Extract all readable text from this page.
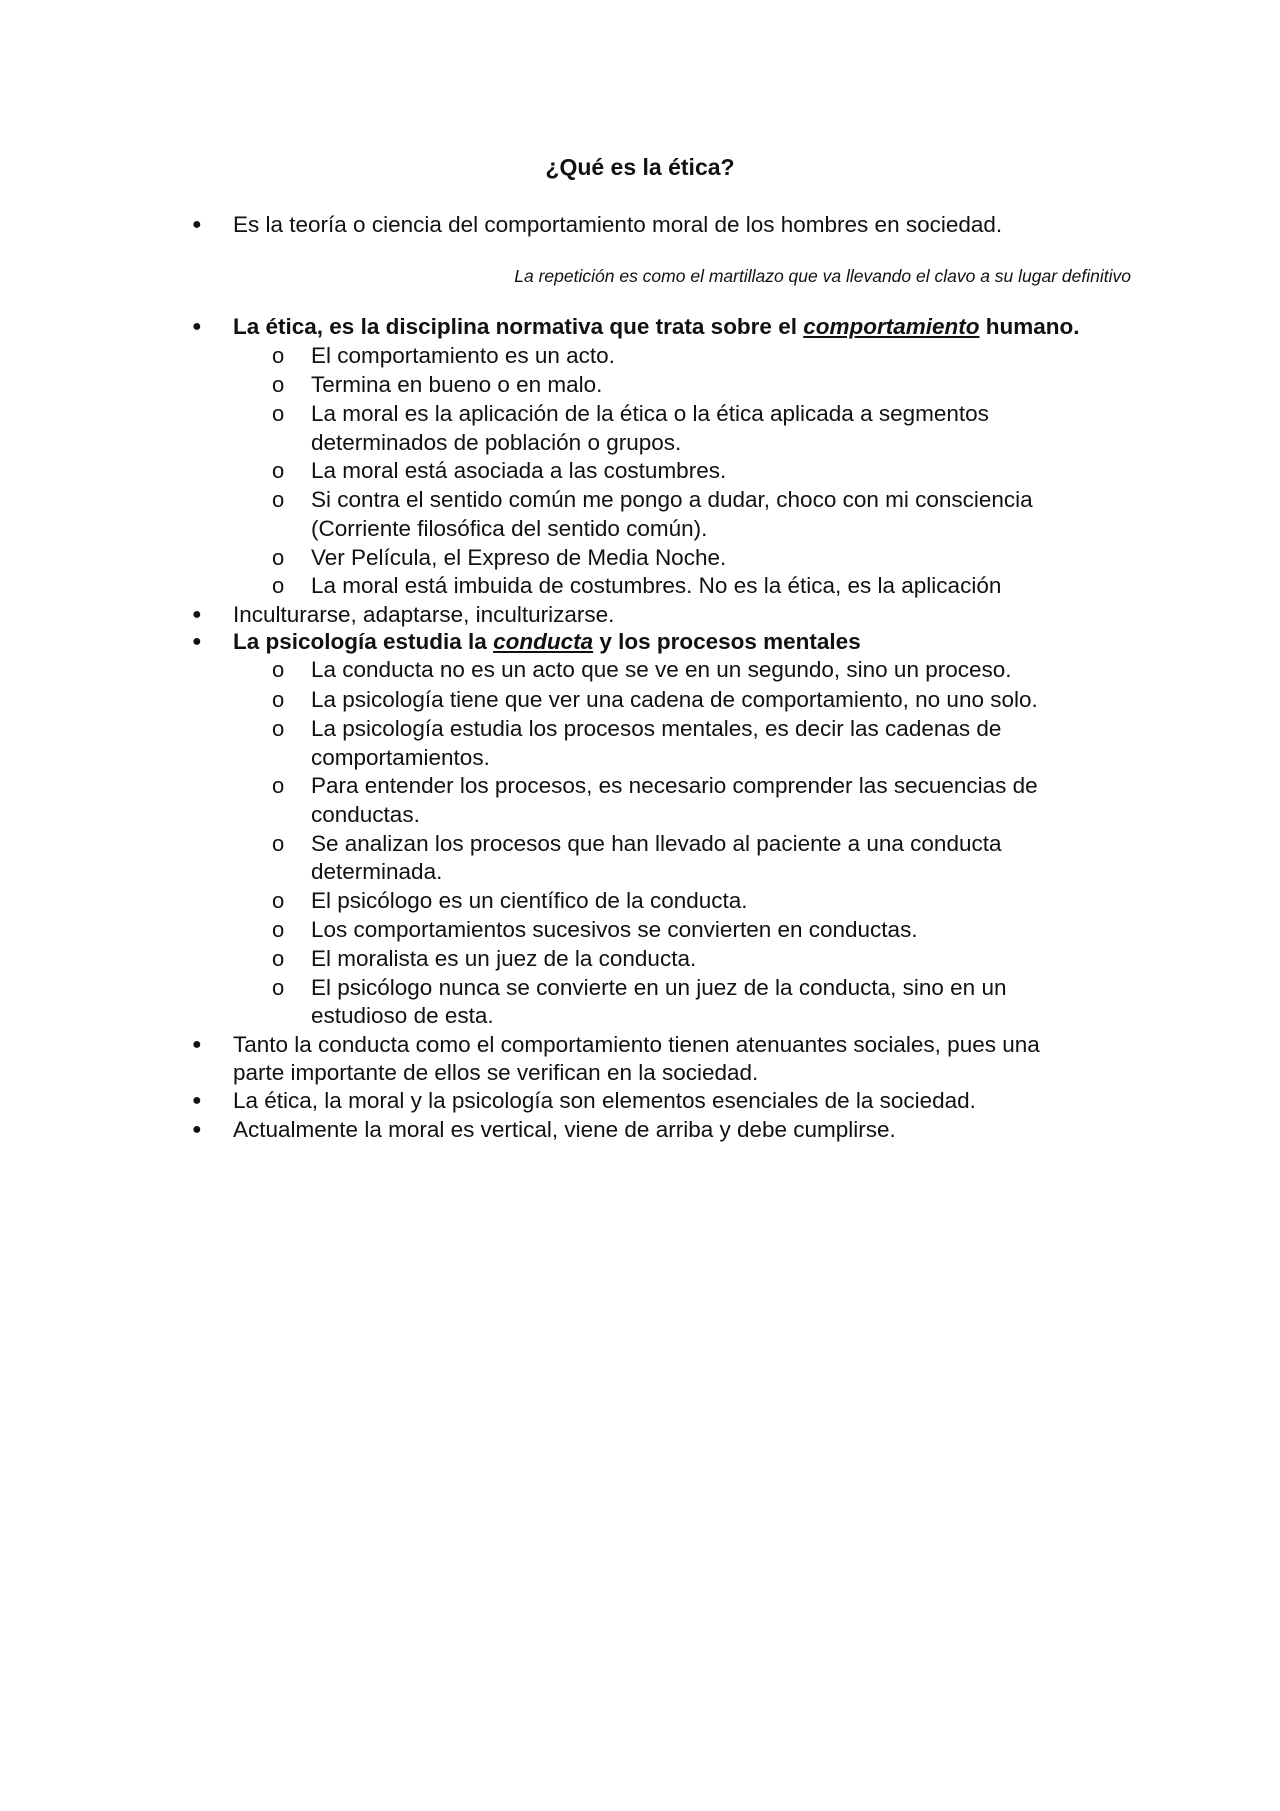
¿Qué es la ética?
● Es la teoría o ciencia del comportamiento moral de los hombres en sociedad.
La repetición es como el martillazo que va llevando el clavo a su lugar definitivo
● La ética, es la disciplina normativa que trata sobre el comportamiento humano.
o El comportamiento es un acto.
o Termina en bueno o en malo.
o La moral es la aplicación de la ética o la ética aplicada a segmentos
determinados de población o grupos.
o La moral está asociada a las costumbres.
o Si contra el sentido común me pongo a dudar, choco con mi consciencia
(Corriente filosófica del sentido común).
o Ver Película, el Expreso de Media Noche.
o La moral está imbuida de costumbres. No es la ética, es la aplicación
● Inculturarse, adaptarse, inculturizarse.
● La psicología estudia la conducta y los procesos mentales
o La conducta no es un acto que se ve en un segundo, sino un proceso.
o La psicología tiene que ver una cadena de comportamiento, no uno solo.
o La psicología estudia los procesos mentales, es decir las cadenas de
comportamientos.
o Para entender los procesos, es necesario comprender las secuencias de
conductas.
o Se analizan los procesos que han llevado al paciente a una conducta
determinada.
o El psicólogo es un científico de la conducta.
o Los comportamientos sucesivos se convierten en conductas.
o El moralista es un juez de la conducta.
o El psicólogo nunca se convierte en un juez de la conducta, sino en un
estudioso de esta.
● Tanto la conducta como el comportamiento tienen atenuantes sociales, pues una
parte importante de ellos se verifican en la sociedad.
● La ética, la moral y la psicología son elementos esenciales de la sociedad.
● Actualmente la moral es vertical, viene de arriba y debe cumplirse.
